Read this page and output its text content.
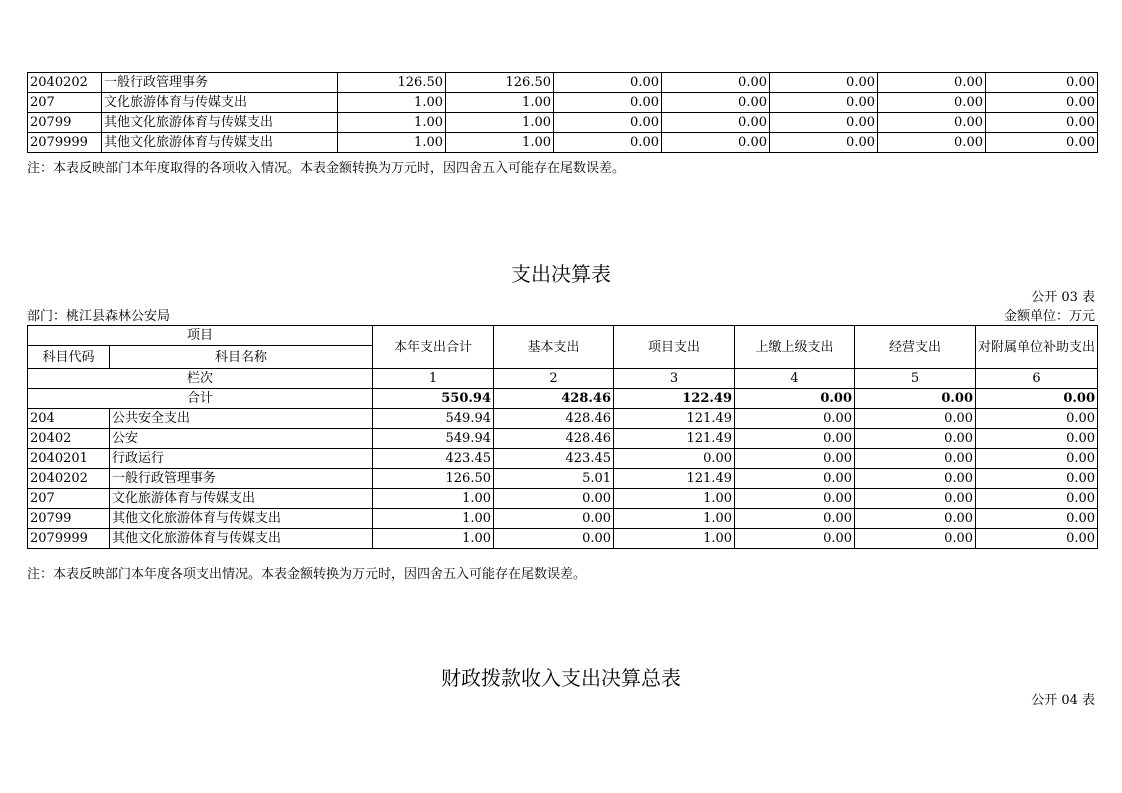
2040202	一般行政管理事务	126.50	126.50	0.00	0.00	0.00	0.00	0.00
207	文化旅游体育与传媒支出	1.00	1.00	0.00	0.00	0.00	0.00	0.00
20799	其他文化旅游体育与传媒支出	1.00	1.00	0.00	0.00	0.00	0.00	0.00
2079999	其他文化旅游体育与传媒支出	1.00	1.00	0.00	0.00	0.00	0.00	0.00
注：本表反映部门本年度取得的各项收入情况。本表金额转换为万元时，因四舍五入可能存在尾数误差。
支出决算表
公开 03 表
部门：桃江县森林公安局	金额单位：万元
项目		本年支出合计	基本支出	项目支出	上缴上级支出	经营支出	对附属单位补助支出
科目代码	科目名称						
栏次		1	2	3	4	5	6
合计		550.94	428.46	122.49	0.00	0.00	0.00
204	公共安全支出	549.94	428.46	121.49	0.00	0.00	0.00
20402	公安	549.94	428.46	121.49	0.00	0.00	0.00
2040201	行政运行	423.45	423.45	0.00	0.00	0.00	0.00
2040202	一般行政管理事务	126.50	5.01	121.49	0.00	0.00	0.00
207	文化旅游体育与传媒支出	1.00	0.00	1.00	0.00	0.00	0.00
20799	其他文化旅游体育与传媒支出	1.00	0.00	1.00	0.00	0.00	0.00
2079999	其他文化旅游体育与传媒支出	1.00	0.00	1.00	0.00	0.00	0.00
注：本表反映部门本年度各项支出情况。本表金额转换为万元时，因四舍五入可能存在尾数误差。
财政拨款收入支出决算总表
公开 04 表
